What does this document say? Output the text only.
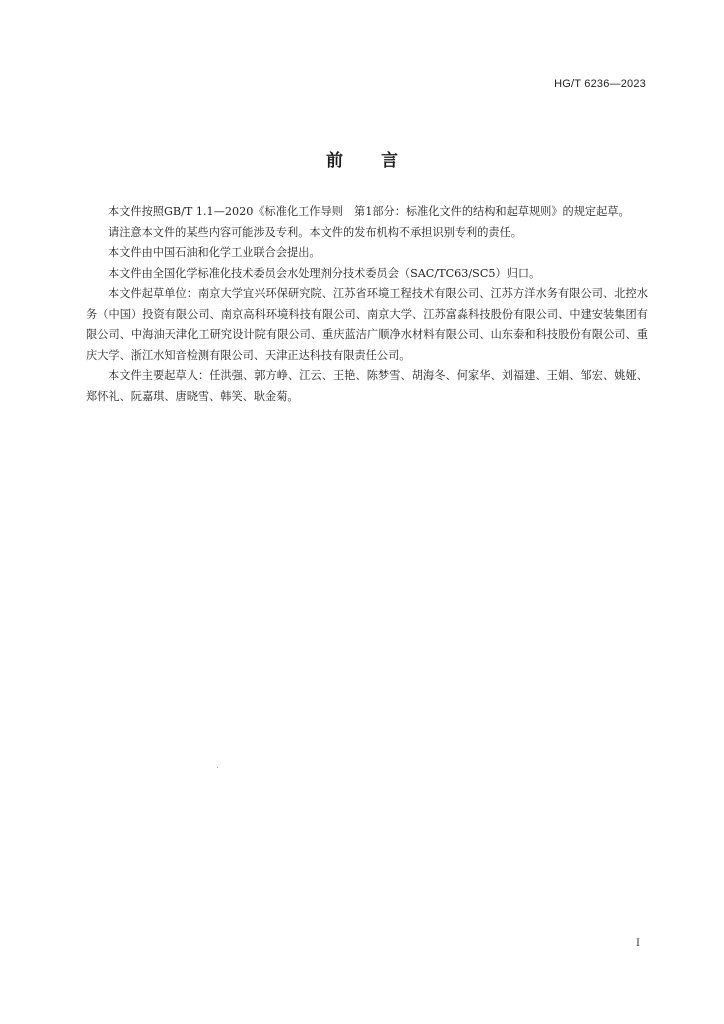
HG/T 6236—2023
前言

本文件按照GB/T 1.1—2020《标准化工作导则　第1部分：标准化文件的结构和起草规则》的规定起草。

请注意本文件的某些内容可能涉及专利。本文件的发布机构不承担识别专利的责任。

本文件由中国石油和化学工业联合会提出。

本文件由全国化学标准化技术委员会水处理剂分技术委员会（SAC/TC63/SC5）归口。

本文件起草单位：南京大学宜兴环保研究院、江苏省环境工程技术有限公司、江苏方洋水务有限公司、北控水务（中国）投资有限公司、南京高科环境科技有限公司、南京大学、江苏富淼科技股份有限公司、中建安装集团有限公司、中海油天津化工研究设计院有限公司、重庆蓝洁广顺净水材料有限公司、山东泰和科技股份有限公司、重庆大学、浙江水知音检测有限公司、天津正达科技有限责任公司。

本文件主要起草人：任洪强、郭方峥、江云、王艳、陈梦雪、胡海冬、何家华、刘福建、王娟、邹宏、姚娅、郑怀礼、阮嘉琪、唐晓雪、韩笑、耿金菊。

I
